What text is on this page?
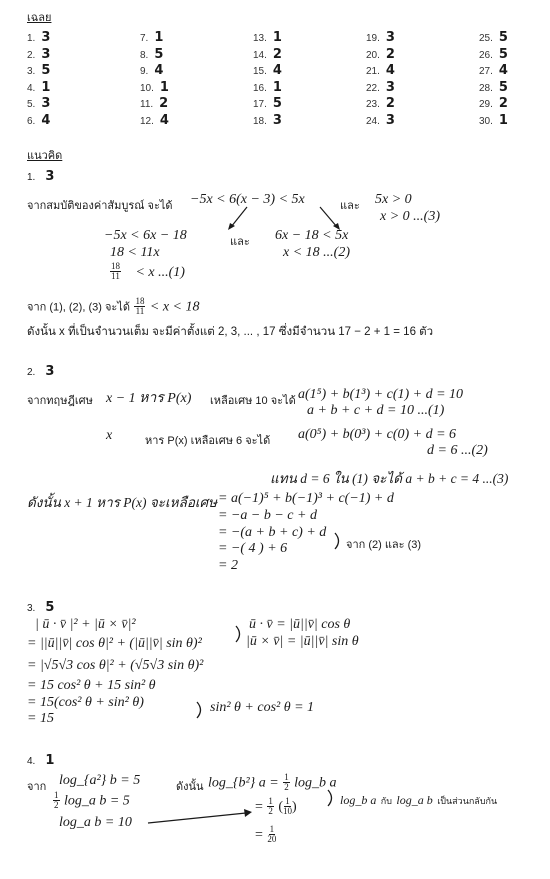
เฉลย
1. 3
2. 3
3. 5
4. 1
5. 3
6. 4
7. 1
8. 5
9. 4
10. 1
11. 2
12. 4
13. 1
14. 2
15. 4
16. 1
17. 5
18. 3
19. 3
20. 2
21. 4
22. 3
23. 2
24. 3
25. 5
26. 5
27. 4
28. 5
29. 2
30. 1
แนวคิด
1. 3
จากสมบัติของค่าสัมบูรณ์ จะได้ −5x < 6(x − 3) < 5x	และ 5x > 0
x > 0 ...(3)
−5x < 6x − 18	และ 6x − 18 < 5x
18 < 11x	x < 18 ...(2)
$\frac{18}{11} < x$ ...(1)
จาก (1), (2), (3) จะได้ $\frac{18}{11} < x < 18$
ดังนั้น x ที่เป็นจำนวนเต็ม จะมีค่าตั้งแต่ 2, 3, ... , 17 ซึ่งมีจำนวน 17 − 2 + 1 = 16 ตัว
2. 3
จากทฤษฎีเศษ x − 1 หาร P(x) เหลือเศษ 10 จะได้ a(1⁵) + b(1³) + c(1) + d = 10
a + b + c + d = 10 ...(1)
x	หาร P(x) เหลือเศษ 6 จะได้ a(0⁵) + b(0³) + c(0) + d = 6
d = 6 ...(2)
แทน d = 6 ใน (1) จะได้ a + b + c = 4 ...(3)
ดังนั้น x + 1 หาร P(x) จะเหลือเศษ = a(−1)⁵ + b(−1)³ + c(−1) + d
= −a − b − c + d
= −(a + b + c) + d
จาก (2) และ (3)
= −( 4 ) + 6
= 2
3. 5
| ū · v̄ |² + |ū × v̄|²	ū · v̄ = |ū||v̄| cos θ
|ū × v̄| = |ū||v̄| sin θ
= ||ū||v̄| cos θ|² + (|ū||v̄| sin θ)²
= |√5√3 cos θ|² + (√5√3 sin θ)²
= 15 cos² θ + 15 sin² θ
= 15(cos² θ + sin² θ)	sin² θ + cos² θ = 1
= 15
4. 1
จาก log_{a²} b = 5
$\frac{1}{2}$ log_a b = 5
log_a b = 10
ดังนั้น log_{b²} $a = \frac{1}{2}$ log_b a
= $\frac{1}{2}$ ( $\frac{1}{10}$ )
= $\frac{1}{20}$
log_b a กับ log_a b เป็นส่วนกลับกัน
